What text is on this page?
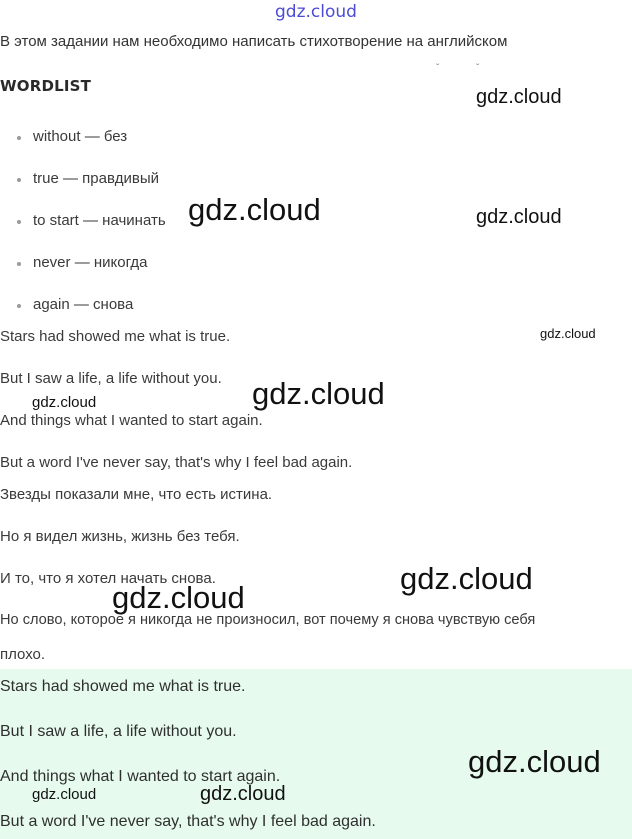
gdz.cloud
В этом задании нам необходимо написать стихотворение на английском
ˇ	ˇ
WORDLIST
without — без
true — правдивый
to start — начинать
never — никогда
again — снова
Stars had showed me what is true.
But I saw a life, a life without you.
And things what I wanted to start again.
But a word I've never say, that's why I feel bad again.
Звезды показали мне, что есть истина.
Но я видел жизнь, жизнь без тебя.
И то, что я хотел начать снова.
Но слово, которое я никогда не произносил, вот почему я снова чувствую себя
плохо.
Stars had showed me what is true.
But I saw a life, a life without you.
And things what I wanted to start again.
But a word I've never say, that's why I feel bad again.
gdz.cloud
gdz.cloud	gdz.cloud
gdz.cloud
gdz.cloud
gdz.cloud
gdz.cloud
gdz.cloud
gdz.cloud
gdz.cloud	gdz.cloud
